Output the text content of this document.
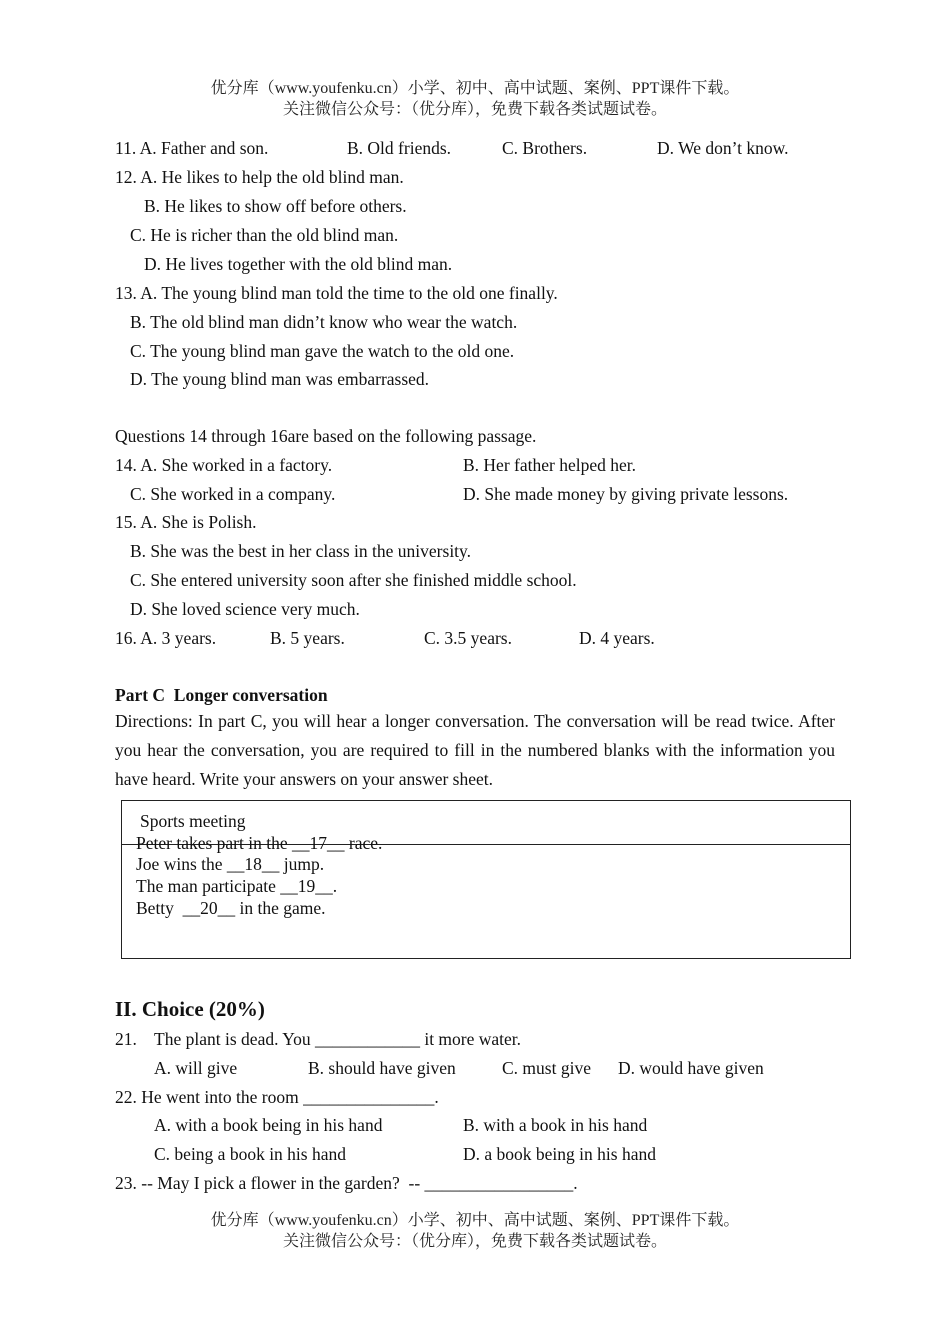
优分库（www.youfenku.cn）小学、初中、高中试题、案例、PPT课件下载。
关注微信公众号：（优分库），免费下载各类试题试卷。
11. A. Father and son.	B. Old friends.	C. Brothers.	D. We don’t know.
12. A. He likes to help the old blind man.
B. He likes to show off before others.
C. He is richer than the old blind man.
D. He lives together with the old blind man.
13. A. The young blind man told the time to the old one finally.
B. The old blind man didn’t know who wear the watch.
C. The young blind man gave the watch to the old one.
D. The young blind man was embarrassed.
Questions 14 through 16are based on the following passage.
14. A. She worked in a factory.	B. Her father helped her.
C. She worked in a company.	D. She made money by giving private lessons.
15. A. She is Polish.
B. She was the best in her class in the university.
C. She entered university soon after she finished middle school.
D. She loved science very much.
16. A. 3 years.	B. 5 years.	C. 3.5 years.	D. 4 years.
Part C  Longer conversation
Directions: In part C, you will hear a longer conversation. The conversation will be read twice. After you hear the conversation, you are required to fill in the numbered blanks with the information you have heard. Write your answers on your answer sheet.
Sports meeting
Peter takes part in the __17__ race.
Joe wins the __18__ jump.
The man participate __19__.
Betty  __20__ in the game.
II. Choice (20%)
21.    The plant is dead. You ____________ it more water.
A. will give	B. should have given	C. must give D. would have given
22. He went into the room _______________.
A. with a book being in his hand	B. with a book in his hand
C. being a book in his hand	D. a book being in his hand
23. -- May I pick a flower in the garden?  -- _________________.
优分库（www.youfenku.cn）小学、初中、高中试题、案例、PPT课件下载。
关注微信公众号：（优分库），免费下载各类试题试卷。
